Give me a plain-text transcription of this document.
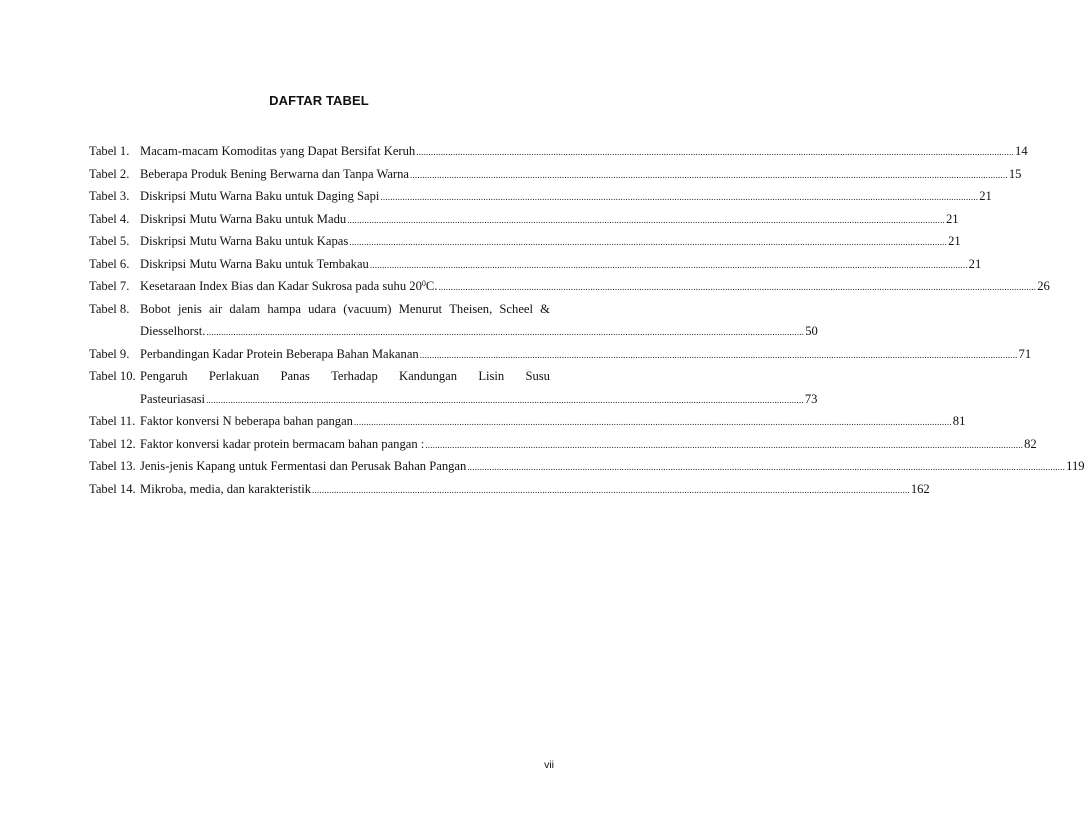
DAFTAR TABEL
Tabel 1. Macam-macam Komoditas yang Dapat Bersifat Keruh .................................................................................................................................................................................................................................................... 14
Tabel 2. Beberapa Produk Bening Berwarna dan Tanpa Warna .................................................................................................................................................................................................................................................... 15
Tabel 3. Diskripsi Mutu Warna Baku untuk Daging Sapi .................................................................................................................................................................................................................................................... 21
Tabel 4. Diskripsi Mutu Warna Baku untuk Madu .................................................................................................................................................................................................................................................... 21
Tabel 5. Diskripsi Mutu Warna Baku untuk Kapas .................................................................................................................................................................................................................................................... 21
Tabel 6. Diskripsi Mutu Warna Baku untuk Tembakau .................................................................................................................................................................................................................................................... 21
Tabel 7. Kesetaraan Index Bias dan Kadar Sukrosa pada suhu $20^0C$. .................................................................................................................................................................................................................................................... 26
Tabel 8. Bobot jenis air dalam hampa udara (vacuum) Menurut Theisen, Scheel &
Diesselhorst. .................................................................................................................................................................................................................................................... 50
Tabel 9. Perbandingan Kadar Protein Beberapa Bahan Makanan .................................................................................................................................................................................................................................................... 71
Tabel 10. Pengaruh Perlakuan Panas Terhadap Kandungan Lisin Susu
Pasteuriasasi .................................................................................................................................................................................................................................................... 73
Tabel 11. Faktor konversi N beberapa bahan pangan .................................................................................................................................................................................................................................................... 81
Tabel 12. Faktor konversi kadar protein bermacam bahan pangan : .................................................................................................................................................................................................................................................... 82
Tabel 13. Jenis-jenis Kapang untuk Fermentasi dan Perusak Bahan Pangan .................................................................................................................................................................................................................................................... 119
Tabel 14. Mikroba, media, dan karakteristik .................................................................................................................................................................................................................................................... 162
vii
